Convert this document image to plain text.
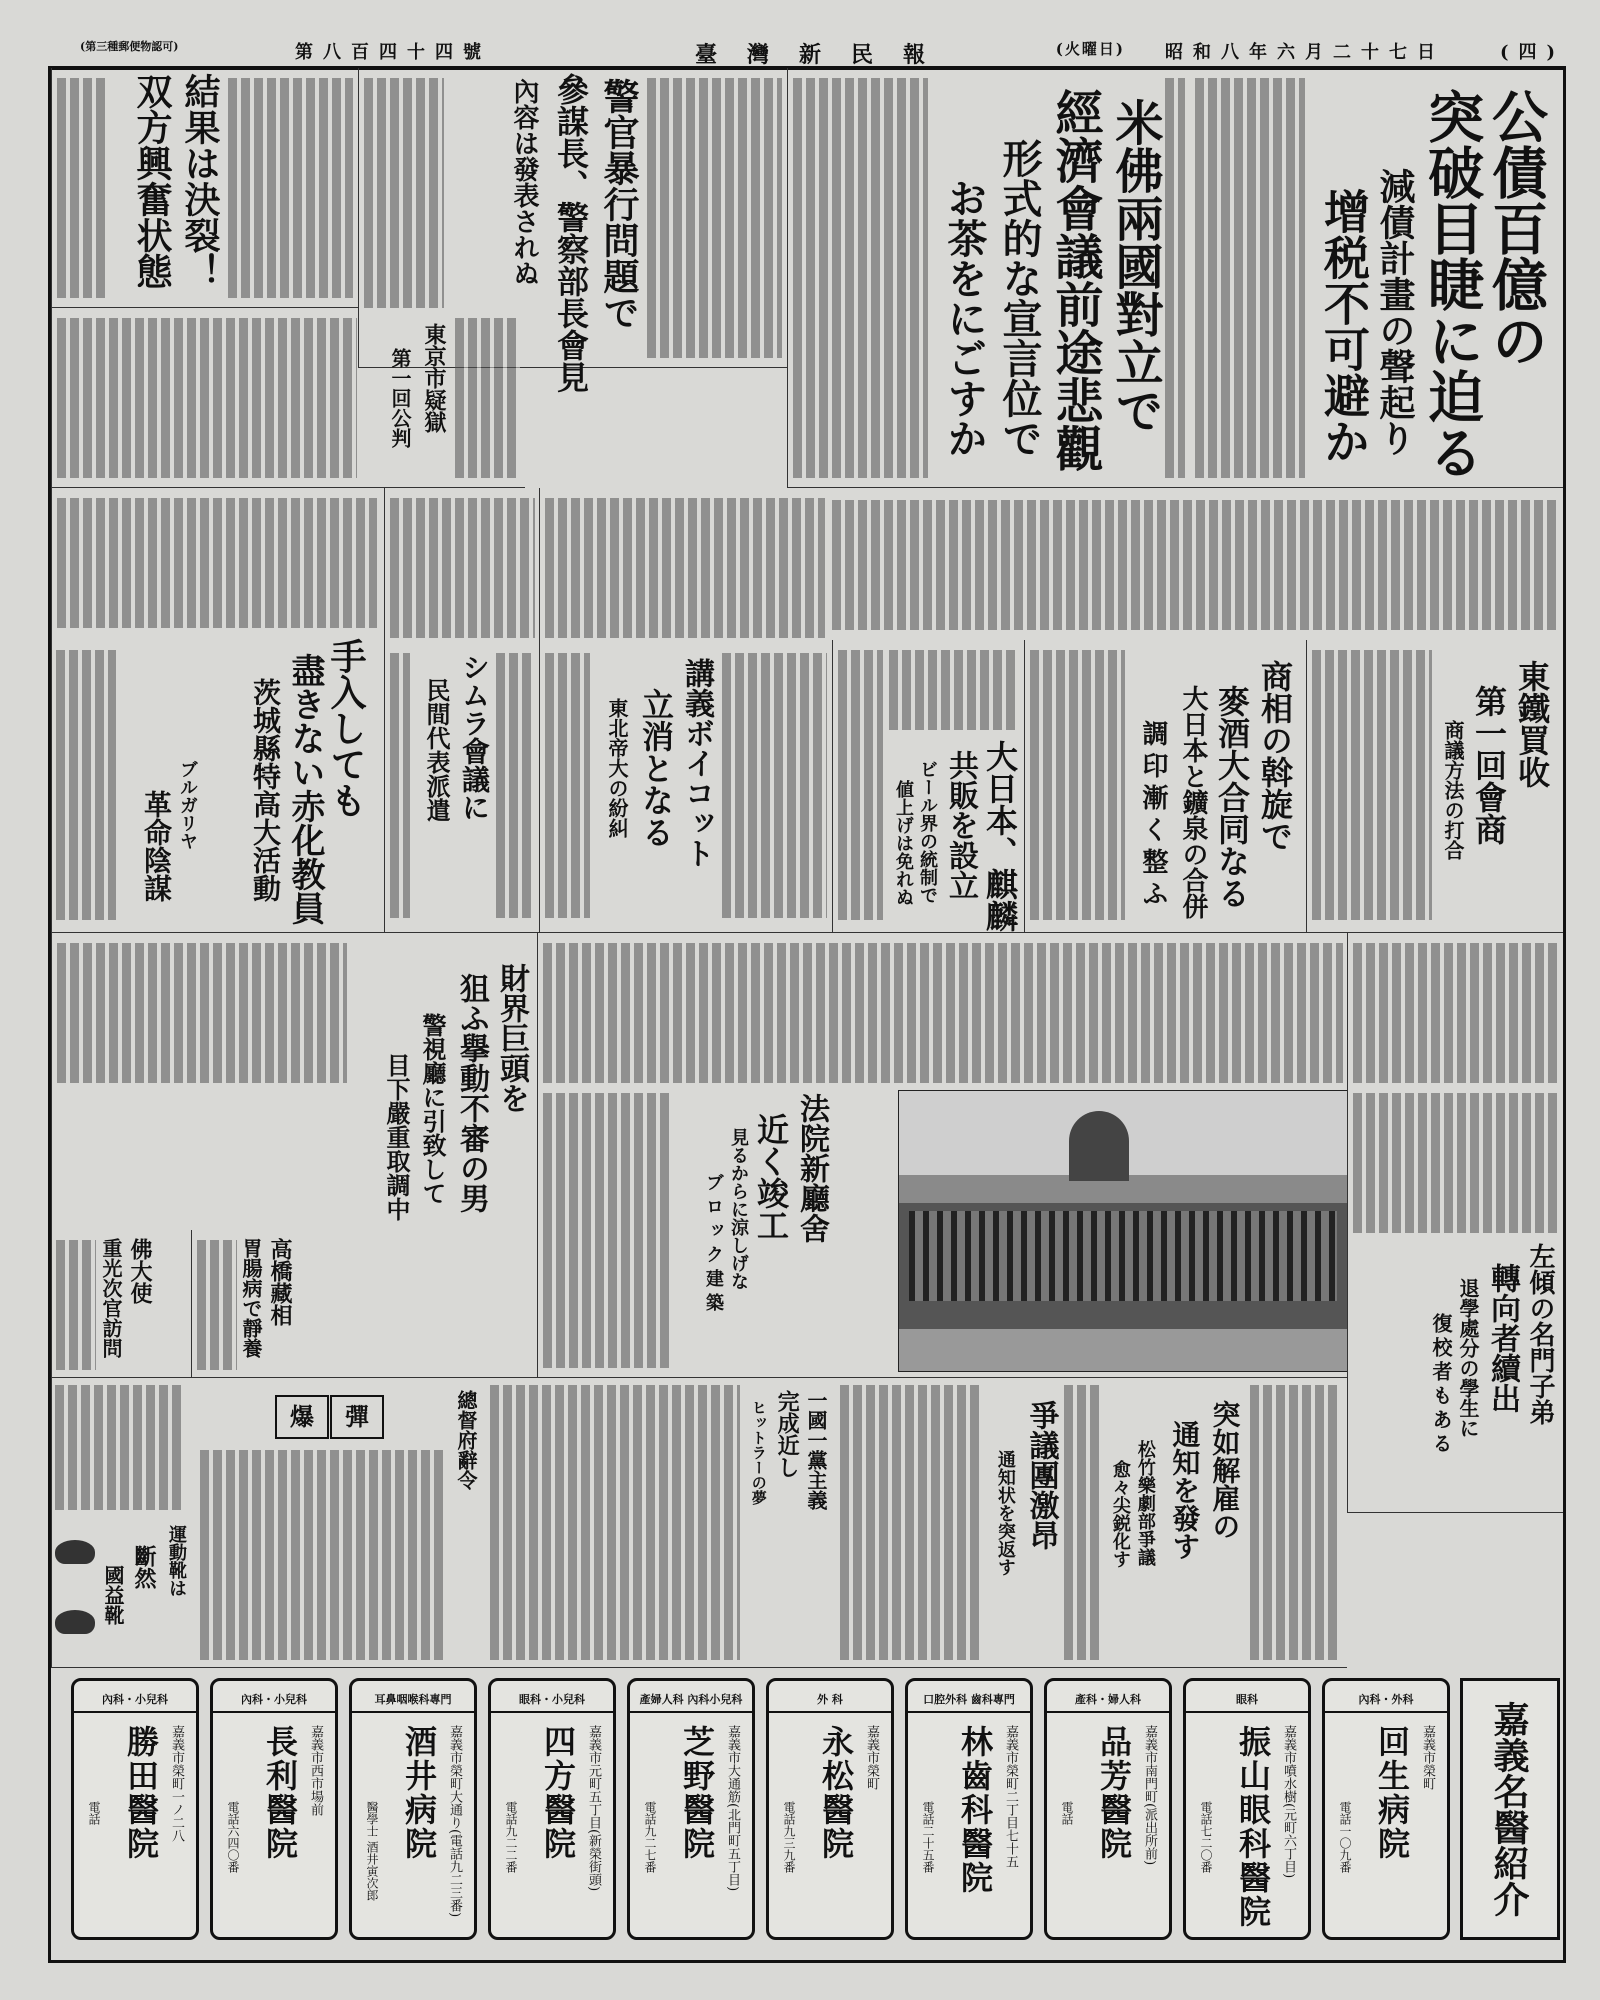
(四)
昭和八年六月二十七日
(火曜日)
臺灣新民報
第八百四十四號
(第三種郵便物認可)
公債百億の
突破目睫に迫る
減債計畫の聲起り
增税不可避か
米佛兩國對立で
經濟會議前途悲觀
形式的な宣言位で
お茶をにごすか
警官暴行問題で
參謀長、警察部長會見
內容は發表されぬ
結果は決裂！
双方興奮状態
東京市疑獄
第一回公判
手入しても
盡きない赤化教員
茨城縣特高大活動
ブルガリヤ
革命陰謀
シムラ會議に
民間代表派遣	講義ボイコット
立消となる
東北帝大の紛糾	大日本、麒麟
共販を設立
ビール界の統制で
値上げは免れぬ	商相の斡旋で
麥酒大合同なる
大日本と鑛泉の合併
調印漸く整ふ	東鐵買收
第一回會商
商議方法の打合
財界巨頭を
狙ふ擧動不審の男
警視廳に引致して
目下嚴重取調中
佛大使
重光次官訪問	高橋藏相
胃腸病で靜養
法院新廳舍
近く竣工
見るからに涼しげな
ブロック建築	左傾の名門子弟
轉向者續出
退學處分の學生に
復校者もある
突如解雇の
通知を發す
松竹樂劇部爭議
愈々尖鋭化す
爭議團激昂
通知状を突返す
一國一黨主義
完成近し
ヒットラーの夢
總督府辭令
爆	彈
運動靴は
斷然
國益靴
嘉義名醫紹介
內科・外科
嘉義市榮町
回生病院
電話一〇九番
眼科
嘉義市噴水樹(元町六丁目)
振山眼科醫院
電話七二〇番
產科・婦人科
嘉義市南門町(派出所前)
品芳醫院
電話
口腔外科 齒科專門
嘉義市榮町二丁目七十五
林齒科醫院
電話二十五番
外 科
嘉義市榮町
永松醫院
電話九三九番
產婦人科 內科小兒科
嘉義市大通筋(北門町五丁目)
芝野醫院
電話九二七番
眼科・小兒科
嘉義市元町五丁目(新榮街頭)
四方醫院
電話九二二番
耳鼻咽喉科專門
嘉義市榮町大通り(電話九二三番)
酒井病院
醫學士 酒井寅次郎
內科・小兒科
嘉義市西市場前
長利醫院
電話六四〇番
內科・小兒科
嘉義市榮町一ノ二八
勝田醫院
電話
